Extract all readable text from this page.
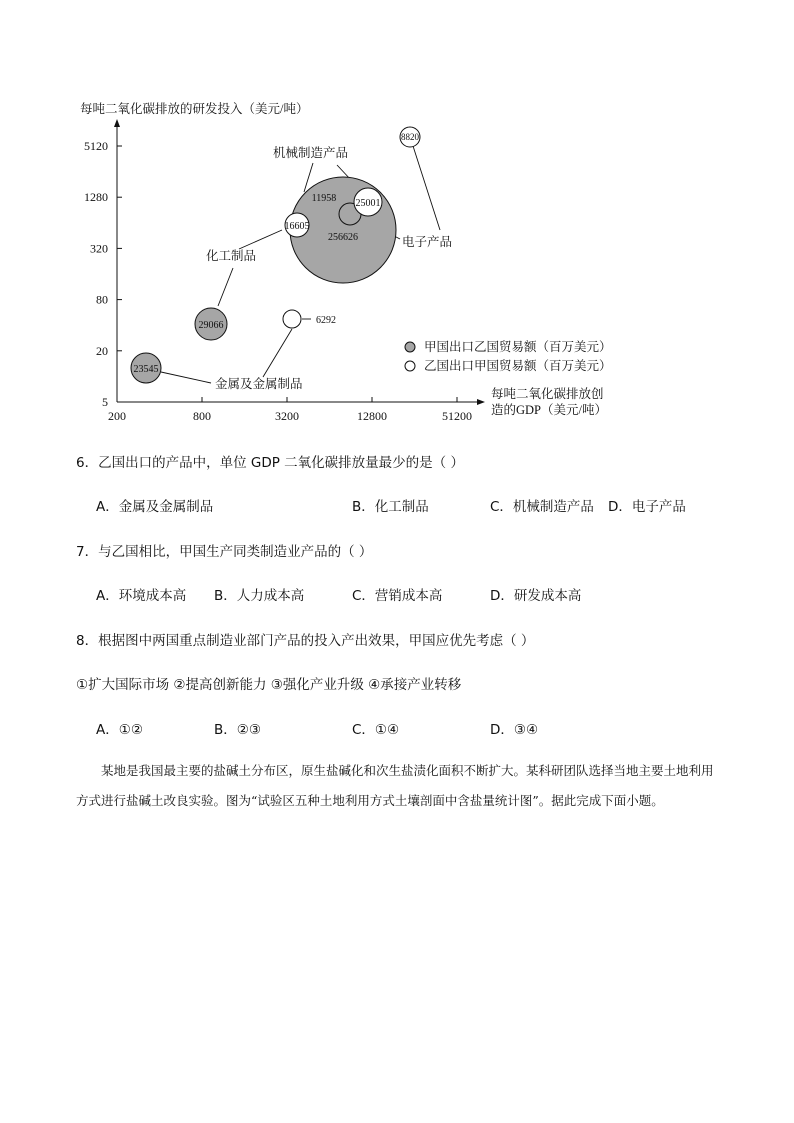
每吨二氧化碳排放的研发投入（美元/吨）
每吨二氧化碳排放创
造的GDP（美元/吨）
5
20
80
320
1280
5120
200	800	3200	12800	51200
256626
29066
23545
25001
11958
16605
8820
6292
机械制造产品
电子产品
化工制品
金属及金属制品
甲国出口乙国贸易额（百万美元）
乙国出口甲国贸易额（百万美元）
6．乙国出口的产品中，单位 GDP 二氧化碳排放量最少的是（ ）
A．金属及金属制品	B．化工制品	C．机械制造产品 D．电子产品
7．与乙国相比，甲国生产同类制造业产品的（ ）
A．环境成本高 B．人力成本高	C．营销成本高	D．研发成本高
8．根据图中两国重点制造业部门产品的投入产出效果，甲国应优先考虑（ ）
①扩大国际市场 ②提高创新能力 ③强化产业升级 ④承接产业转移
A．①②	B．②③	C．①④	D．③④
某地是我国最主要的盐碱土分布区，原生盐碱化和次生盐渍化面积不断扩大。某科研团队选择当地主要土地利用方式进行盐碱土改良实验。图为“试验区五种土地利用方式土壤剖面中含盐量统计图”。据此完成下面小题。
